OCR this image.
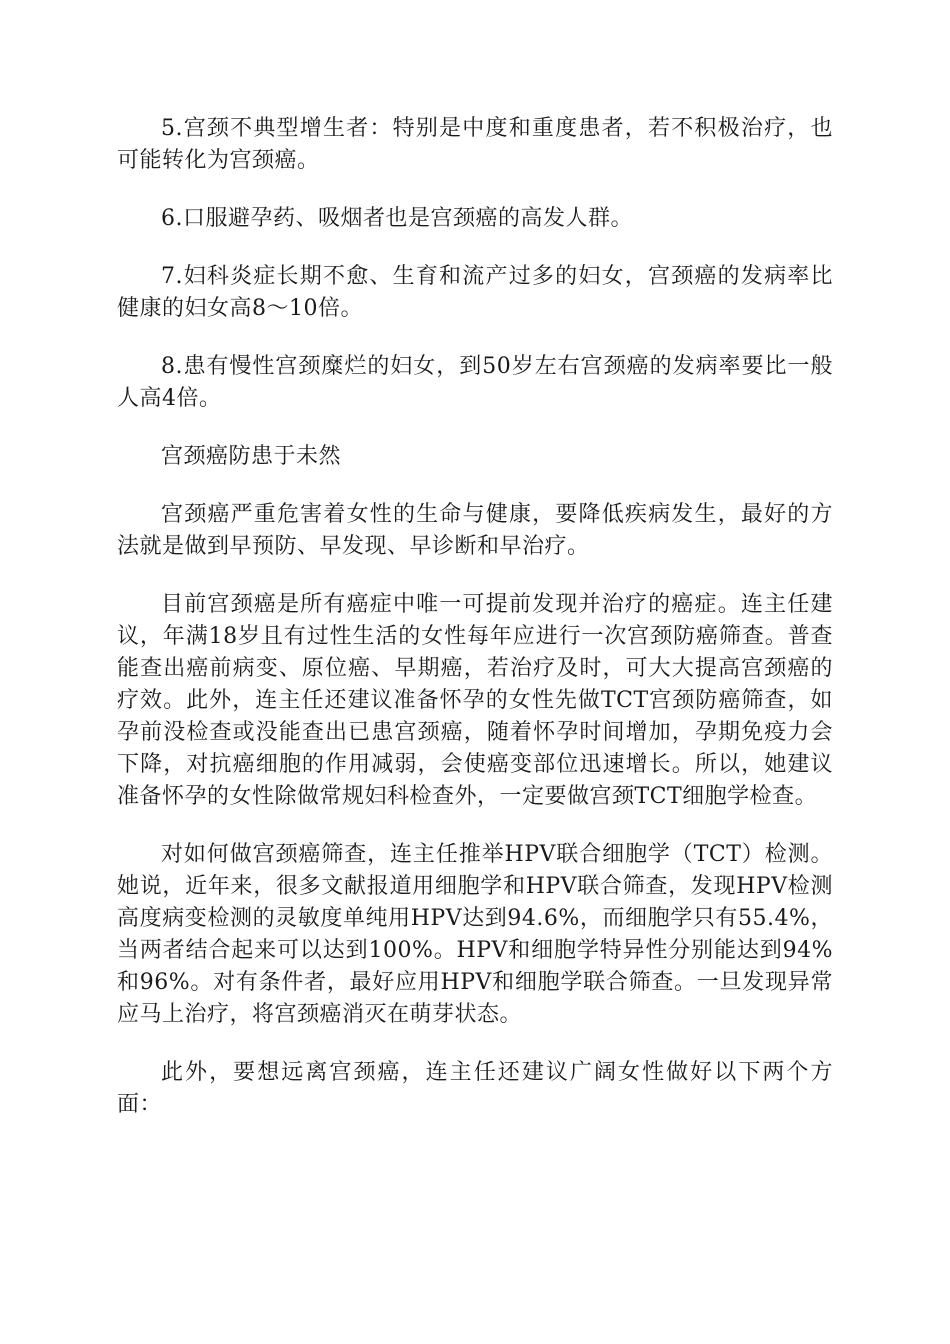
5.宫颈不典型增生者：特别是中度和重度患者，若不积极治疗，也可能转化为宫颈癌。

6.口服避孕药、吸烟者也是宫颈癌的高发人群。

7.妇科炎症长期不愈、生育和流产过多的妇女，宫颈癌的发病率比健康的妇女高8～10倍。

8.患有慢性宫颈糜烂的妇女，到50岁左右宫颈癌的发病率要比一般人高4倍。

宫颈癌防患于未然

宫颈癌严重危害着女性的生命与健康，要降低疾病发生，最好的方法就是做到早预防、早发现、早诊断和早治疗。

目前宫颈癌是所有癌症中唯一可提前发现并治疗的癌症。连主任建议，年满18岁且有过性生活的女性每年应进行一次宫颈防癌筛查。普查能查出癌前病变、原位癌、早期癌，若治疗及时，可大大提高宫颈癌的疗效。此外，连主任还建议准备怀孕的女性先做TCT宫颈防癌筛查，如孕前没检查或没能查出已患宫颈癌，随着怀孕时间增加，孕期免疫力会下降，对抗癌细胞的作用减弱，会使癌变部位迅速增长。所以，她建议准备怀孕的女性除做常规妇科检查外，一定要做宫颈TCT细胞学检查。

对如何做宫颈癌筛查，连主任推举HPV联合细胞学（TCT）检测。她说，近年来，很多文献报道用细胞学和HPV联合筛查，发现HPV检测高度病变检测的灵敏度单纯用HPV达到94.6%，而细胞学只有55.4%，当两者结合起来可以达到100%。HPV和细胞学特异性分别能达到94%和96%。对有条件者，最好应用HPV和细胞学联合筛查。一旦发现异常应马上治疗，将宫颈癌消灭在萌芽状态。

此外，要想远离宫颈癌，连主任还建议广阔女性做好以下两个方面：
